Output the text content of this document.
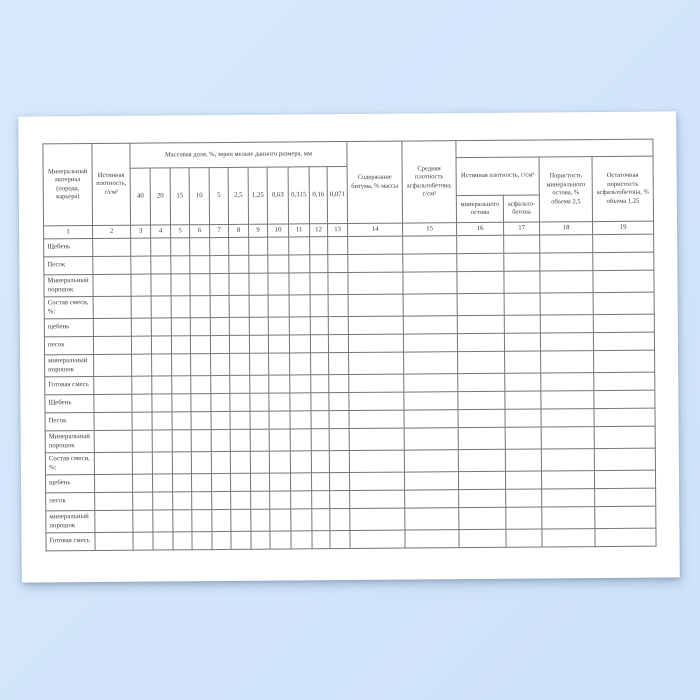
Минеральный материал (порода, карьера)	Истинная плотность, г/см³	Массовая доля, %, зерен мельче данного размера, мм											Содержание битума, % массы	Средняя плотность асфальтобетона, г/см³				
															Истинная плотность, г/см³		Пористость минерального остова, % объема 2,5	Остаточная пористость асфальтобетона, % объема 1,25
		40	20	15	10	5	2,5	1,25	0,63	0,315	0,16	0,071						
															минерального остова	асфальто-бетона		
1	2	3	4	5	6	7	8	9	10	11	12	13	14	15	16	17	18	19
Щебень																		
Песок																		
Минеральный порошок																		
Состав смеси, %:																		
щебень																		
песок																		
минеральный порошок																		
Готовая смесь																		
Щебень																		
Песок																		
Минеральный порошок																		
Состав смеси, %:																		
щебень																		
песок																		
минеральный порошок																		
Готовая смесь																		
